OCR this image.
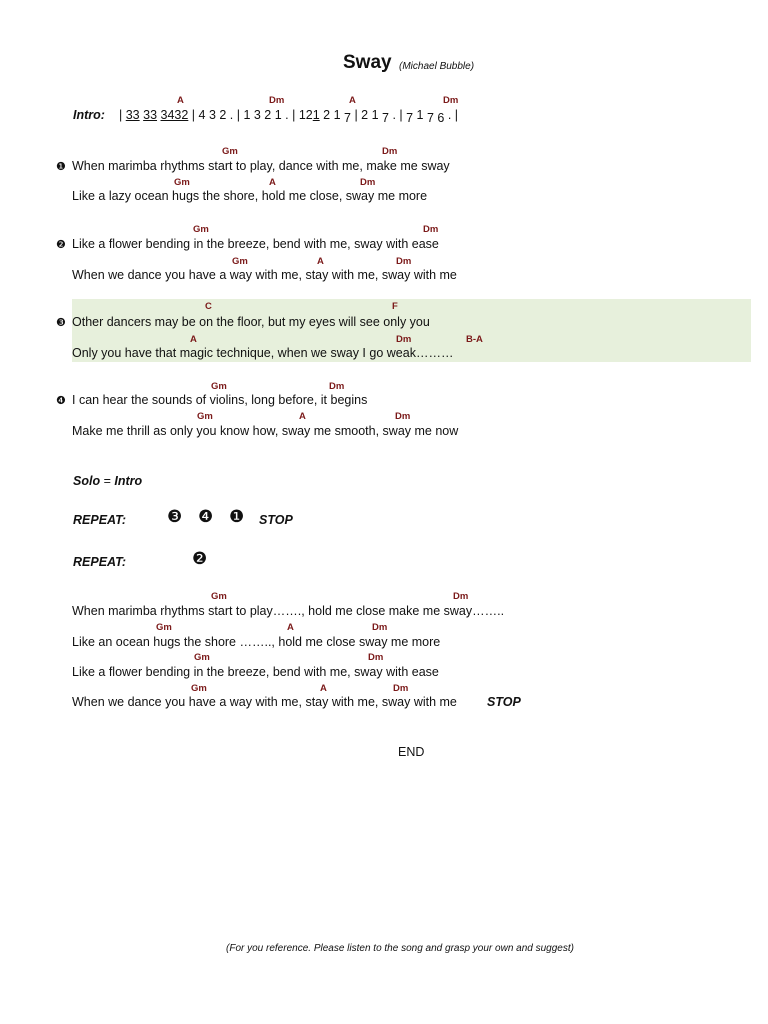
Sway (Michael Bubble)
A	Dm	A	Dm
Intro: | 33 33 3432 | 4 3 2 . | 1 3 2 1 . | 121 2 1 7 | 2 1 7 . | 7 1 7 6 . |
Gm	Dm
❶ When marimba rhythms start to play, dance with me, make me sway
Gm	A	Dm
Like a lazy ocean hugs the shore, hold me close, sway me more
Gm	Dm
❷ Like a flower bending in the breeze, bend with me, sway with ease
Gm	A	Dm
When we dance you have a way with me, stay with me, sway with me
C	F
❸ Other dancers may be on the floor, but my eyes will see only you
A	Dm	B-A
Only you have that magic technique, when we sway I go weak………
Gm	Dm
❹ I can hear the sounds of violins, long before, it begins
Gm	A	Dm
Make me thrill as only you know how, sway me smooth, sway me now
Solo = Intro
REPEAT: ❸ ❹ ❶ STOP
REPEAT:	❷
Gm	Dm
When marimba rhythms start to play……., hold me close make me sway……..
Gm	A	Dm
Like an ocean hugs the shore …….., hold me close sway me more
Gm	Dm
Like a flower bending in the breeze, bend with me, sway with ease
Gm	A	Dm
When we dance you have a way with me, stay with me, sway with me STOP
END
(For you reference. Please listen to the song and grasp your own and suggest)
